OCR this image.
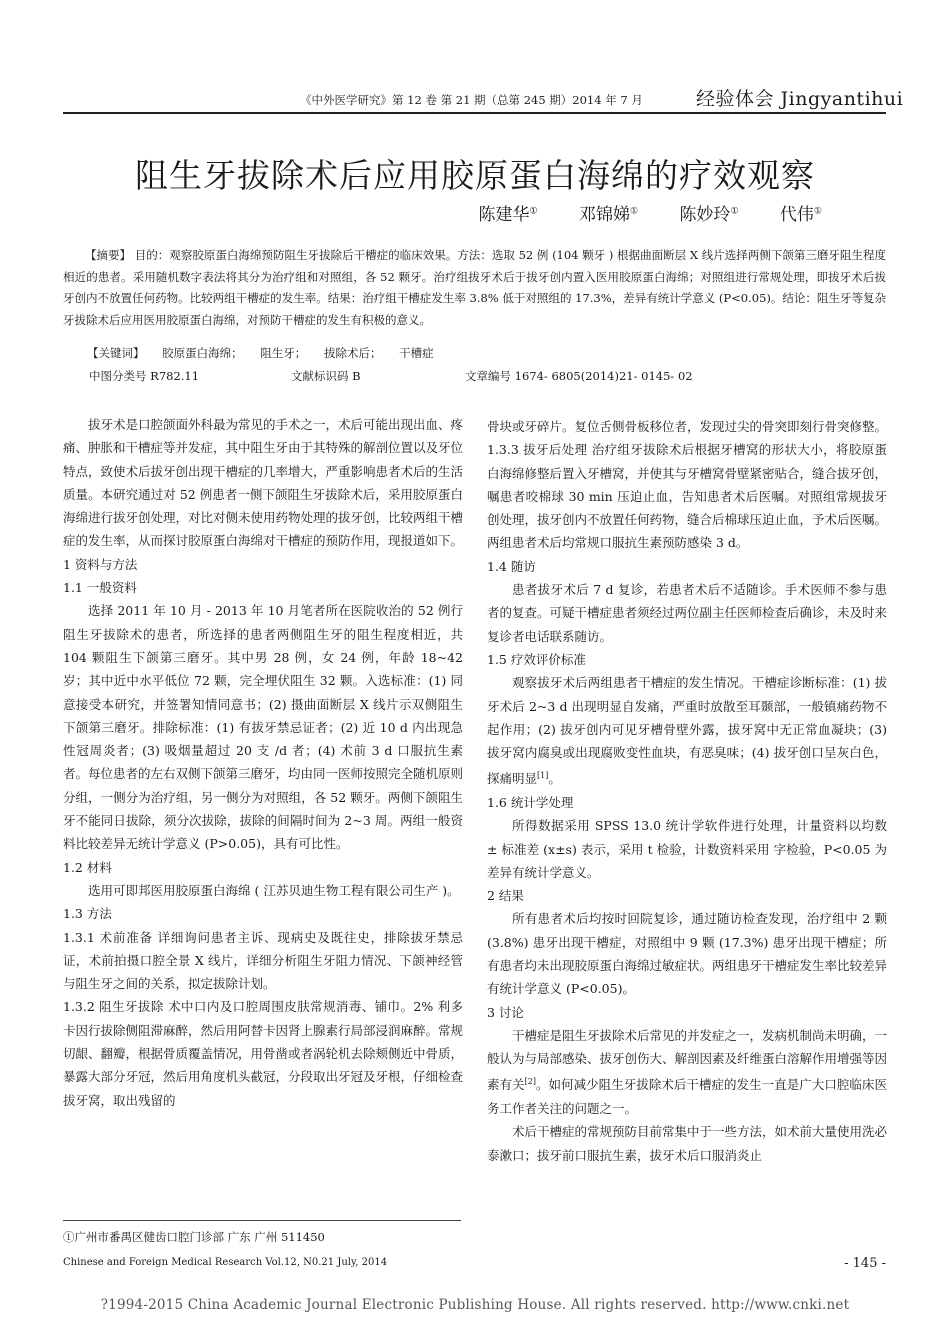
《中外医学研究》第 12 卷 第 21 期（总第 245 期）2014 年 7 月	经验体会 Jingyantihui
阻生牙拔除术后应用胶原蛋白海绵的疗效观察
陈建华① 邓锦娣① 陈妙玲① 代伟①
【摘要】 目的：观察胶原蛋白海绵预防阻生牙拔除后干槽症的临床效果。方法：选取 52 例 (104 颗牙 ) 根据曲面断层 X 线片选择两侧下颌第三磨牙阻生程度相近的患者。采用随机数字表法将其分为治疗组和对照组，各 52 颗牙。治疗组拔牙术后于拔牙创内置入医用胶原蛋白海绵；对照组进行常规处理，即拔牙术后拔牙创内不放置任何药物。比较两组干槽症的发生率。结果：治疗组干槽症发生率 3.8% 低于对照组的 17.3%，差异有统计学意义 (P<0.05)。结论：阻生牙等复杂牙拔除术后应用医用胶原蛋白海绵，对预防干槽症的发生有积极的意义。
【关键词】 胶原蛋白海绵； 阻生牙； 拔除术后； 干槽症
中图分类号 R782.11	文献标识码 B	文章编号 1674- 6805(2014)21- 0145- 02

拔牙术是口腔颌面外科最为常见的手术之一，术后可能出现出血、疼痛、肿胀和干槽症等并发症，其中阻生牙由于其特殊的解剖位置以及牙位特点，致使术后拔牙创出现干槽症的几率增大，严重影响患者术后的生活质量。本研究通过对 52 例患者一侧下颌阻生牙拔除术后，采用胶原蛋白海绵进行拔牙创处理，对比对侧未使用药物处理的拔牙创，比较两组干槽症的发生率，从而探讨胶原蛋白海绵对干槽症的预防作用，现报道如下。

1 资料与方法
1.1 一般资料

选择 2011 年 10 月 - 2013 年 10 月笔者所在医院收治的 52 例行阻生牙拔除术的患者，所选择的患者两侧阻生牙的阻生程度相近，共 104 颗阻生下颌第三磨牙。其中男 28 例，女 24 例，年龄 18~42 岁；其中近中水平低位 72 颗，完全埋伏阻生 32 颗。入选标准：(1) 同意接受本研究，并签署知情同意书；(2) 摄曲面断层 X 线片示双侧阻生下颌第三磨牙。排除标准：(1) 有拔牙禁忌证者；(2) 近 10 d 内出现急性冠周炎者；(3) 吸烟量超过 20 支 /d 者；(4) 术前 3 d 口服抗生素者。每位患者的左右双侧下颌第三磨牙，均由同一医师按照完全随机原则分组，一侧分为治疗组，另一侧分为对照组，各 52 颗牙。两侧下颌阻生牙不能同日拔除，须分次拔除，拔除的间隔时间为 2~3 周。两组一般资料比较差异无统计学意义 (P>0.05)，具有可比性。

1.2 材料

选用可即邦医用胶原蛋白海绵 ( 江苏贝迪生物工程有限公司生产 )。

1.3 方法

1.3.1 术前准备 详细询问患者主诉、现病史及既往史，排除拔牙禁忌证，术前拍摄口腔全景 X 线片，详细分析阻生牙阻力情况、下颌神经管与阻生牙之间的关系，拟定拔除计划。

1.3.2 阻生牙拔除 术中口内及口腔周围皮肤常规消毒、铺巾。2% 利多卡因行拔除侧阻滞麻醉，然后用阿替卡因肾上腺素行局部浸润麻醉。常规切龈、翻瓣，根据骨质覆盖情况，用骨凿或者涡轮机去除颊侧近中骨质，暴露大部分牙冠，然后用角度机头截冠，分段取出牙冠及牙根，仔细检查拔牙窝，取出残留的

骨块或牙碎片。复位舌侧骨板移位者，发现过尖的骨突即刻行骨突修整。

1.3.3 拔牙后处理 治疗组牙拔除术后根据牙槽窝的形状大小，将胶原蛋白海绵修整后置入牙槽窝，并使其与牙槽窝骨壁紧密贴合，缝合拔牙创，嘱患者咬棉球 30 min 压迫止血，告知患者术后医嘱。对照组常规拔牙创处理，拔牙创内不放置任何药物，缝合后棉球压迫止血，予术后医嘱。两组患者术后均常规口服抗生素预防感染 3 d。

1.4 随访

患者拔牙术后 7 d 复诊，若患者术后不适随诊。手术医师不参与患者的复查。可疑干槽症患者须经过两位副主任医师检查后确诊，未及时来复诊者电话联系随访。

1.5 疗效评价标准

观察拔牙术后两组患者干槽症的发生情况。干槽症诊断标准：(1) 拔牙术后 2~3 d 出现明显自发痛，严重时放散至耳颞部，一般镇痛药物不起作用；(2) 拔牙创内可见牙槽骨壁外露，拔牙窝中无正常血凝块；(3) 拔牙窝内腐臭或出现腐败变性血块，有恶臭味；(4) 拔牙创口呈灰白色，探痛明显[1]。

1.6 统计学处理

所得数据采用 SPSS 13.0 统计学软件进行处理，计量资料以均数 ± 标准差 (x±s) 表示，采用 t 检验，计数资料采用 字检验，P<0.05 为差异有统计学意义。

2 结果

所有患者术后均按时回院复诊，通过随访检查发现，治疗组中 2 颗 (3.8%) 患牙出现干槽症，对照组中 9 颗 (17.3%) 患牙出现干槽症；所有患者均未出现胶原蛋白海绵过敏症状。两组患牙干槽症发生率比较差异有统计学意义 (P<0.05)。

3 讨论

干槽症是阻生牙拔除术后常见的并发症之一，发病机制尚未明确，一般认为与局部感染、拔牙创伤大、解剖因素及纤维蛋白溶解作用增强等因素有关[2]。如何减少阻生牙拔除术后干槽症的发生一直是广大口腔临床医务工作者关注的问题之一。

术后干槽症的常规预防目前常集中于一些方法，如术前大量使用洗必泰漱口；拔牙前口服抗生素，拔牙术后口服消炎止

①广州市番禺区健齿口腔门诊部 广东 广州 511450
Chinese and Foreign Medical Research Vol.12, N0.21 July, 2014	- 145 -
?1994-2015 China Academic Journal Electronic Publishing House. All rights reserved. http://www.cnki.net
